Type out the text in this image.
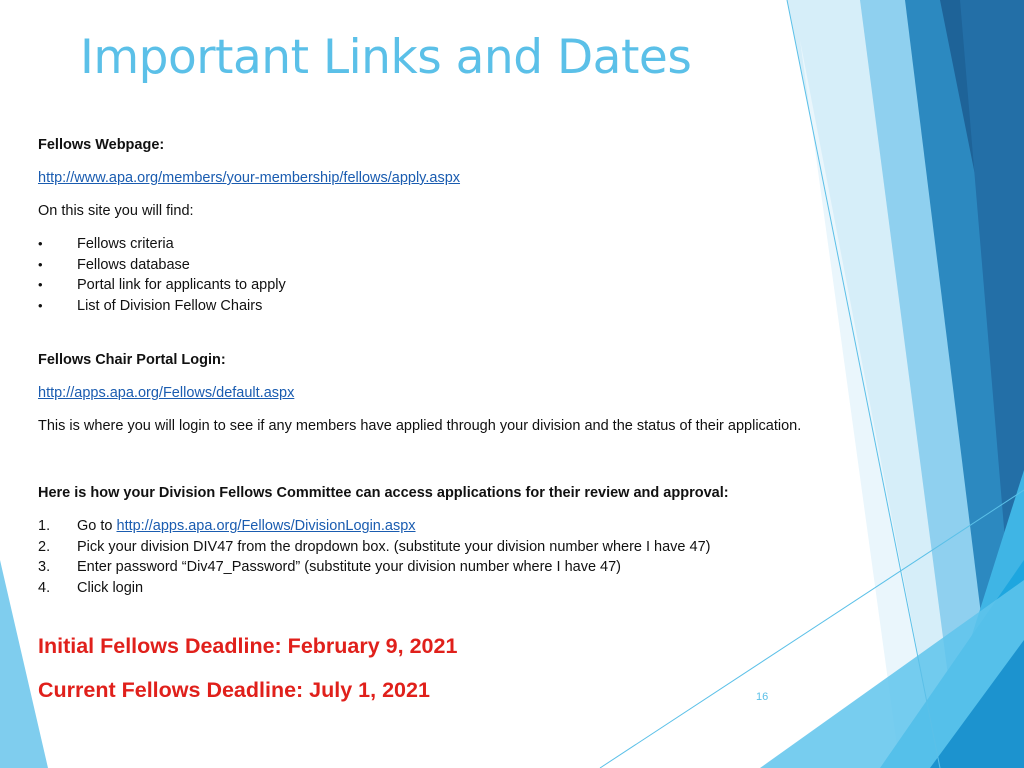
Important Links and Dates

Fellows Webpage:

http://www.apa.org/members/your-membership/fellows/apply.aspx

On this site you will find:

• Fellows criteria
• Fellows database
• Portal link for applicants to apply
• List of Division Fellow Chairs

Fellows Chair Portal Login:

http://apps.apa.org/Fellows/default.aspx

This is where you will login to see if any members have applied through your division and the status of their application.

Here is how your Division Fellows Committee can access applications for their review and approval:

1. Go to http://apps.apa.org/Fellows/DivisionLogin.aspx
2. Pick your division DIV47 from the dropdown box. (substitute your division number where I have 47)
3. Enter password “Div47_Password” (substitute your division number where I have 47)
4. Click login
Initial Fellows Deadline: February 9, 2021
Current Fellows Deadline: July 1, 2021	16
